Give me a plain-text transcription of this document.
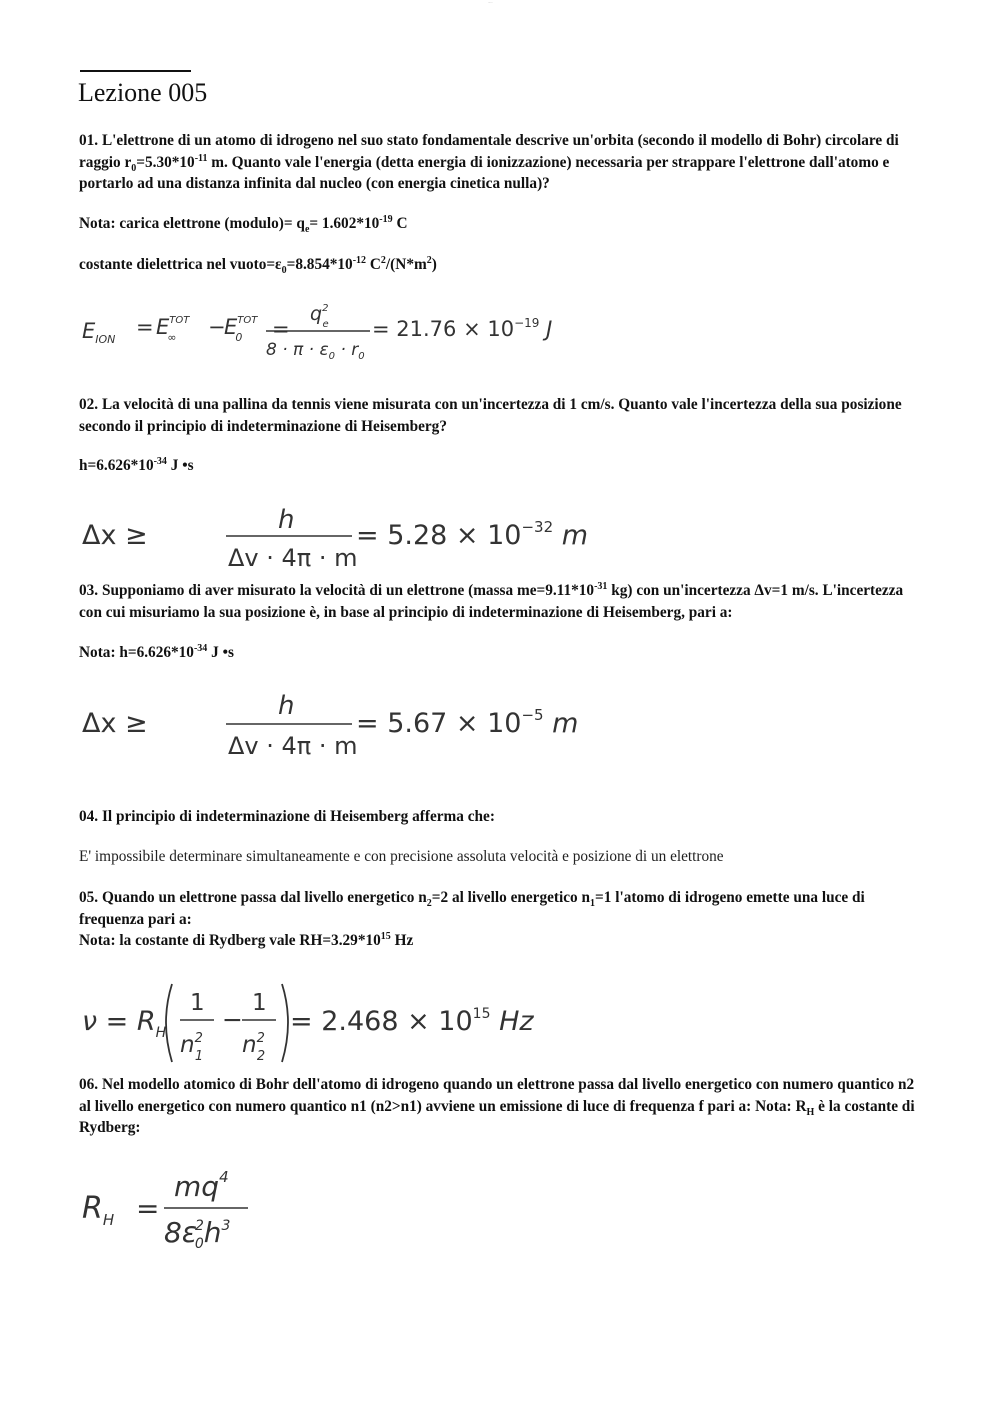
......
Lezione 005
01. L'elettrone di un atomo di idrogeno nel suo stato fondamentale descrive un'orbita (secondo il modello di Bohr) circolare di raggio $r_0=5.30*10^{-11}$ m. Quanto vale l'energia (detta energia di ionizzazione) necessaria per strappare l'elettrone dall'atomo e portarlo ad una distanza infinita dal nucleo (con energia cinetica nulla)?
Nota: carica elettrone (modulo)= $q_e= 1.602*10^{-19}$ C
costante dielettrica nel $vuoto=\varepsilon_0=8.854*10^{-12}$ $C^2/(N*m^2)$
$E_{ION}$
= $E^{TOT}$ ∞	−
$E^{TOT}$ 0	=
$q^2$ e
$8 \cdot \pi \cdot \varepsilon_0 \cdot r_0$
= $21.76 \times 10^{-19}$ J
02. La velocità di una pallina da tennis viene misurata con un'incertezza di 1 cm/s. Quanto vale l'incertezza della sua posizione secondo il principio di indeterminazione di Heisemberg?
$h=6.626*10^{-34}$ J •s
Δx ≥	h
Δv · 4π · m
= $5.28 \times 10^{-32}$ m
03. Supponiamo di aver misurato la velocità di un elettrone (massa $me=9.11*10^{-31}$ kg) con un'incertezza Δv=1 m/s. L'incertezza con cui misuriamo la sua posizione è, in base al principio di indeterminazione di Heisemberg, pari a:
Nota: $h=6.626*10^{-34}$ J •s
Δx ≥
h
Δv · 4π · m
= $5.67 \times 10^{-5}$ m
04. Il principio di indeterminazione di Heisemberg afferma che:
E' impossibile determinare simultaneamente e con precisione assoluta velocità e posizione di un elettrone
05. Quando un elettrone passa dal livello energetico $n_2=2$ al livello energetico $n_1=1$ l'atomo di idrogeno emette una luce di frequenza pari a:
Nota: la costante di Rydberg vale $RH=3.29*10^{15}$ Hz
$\nu = R_H$
1
$n^2$ 1
−
1
$n^2$ 2
= $2.468 \times 10^{15}$ Hz
06. Nel modello atomico di Bohr dell'atomo di idrogeno quando un elettrone passa dal livello energetico con numero quantico n2 al livello energetico con numero quantico n1 (n2>n1) avviene un emissione di luce di frequenza f pari a: Nota: $R_H$ è la costante di Rydberg:
$R_H$ =
$mq^4$
8ε2 $0h^3$
